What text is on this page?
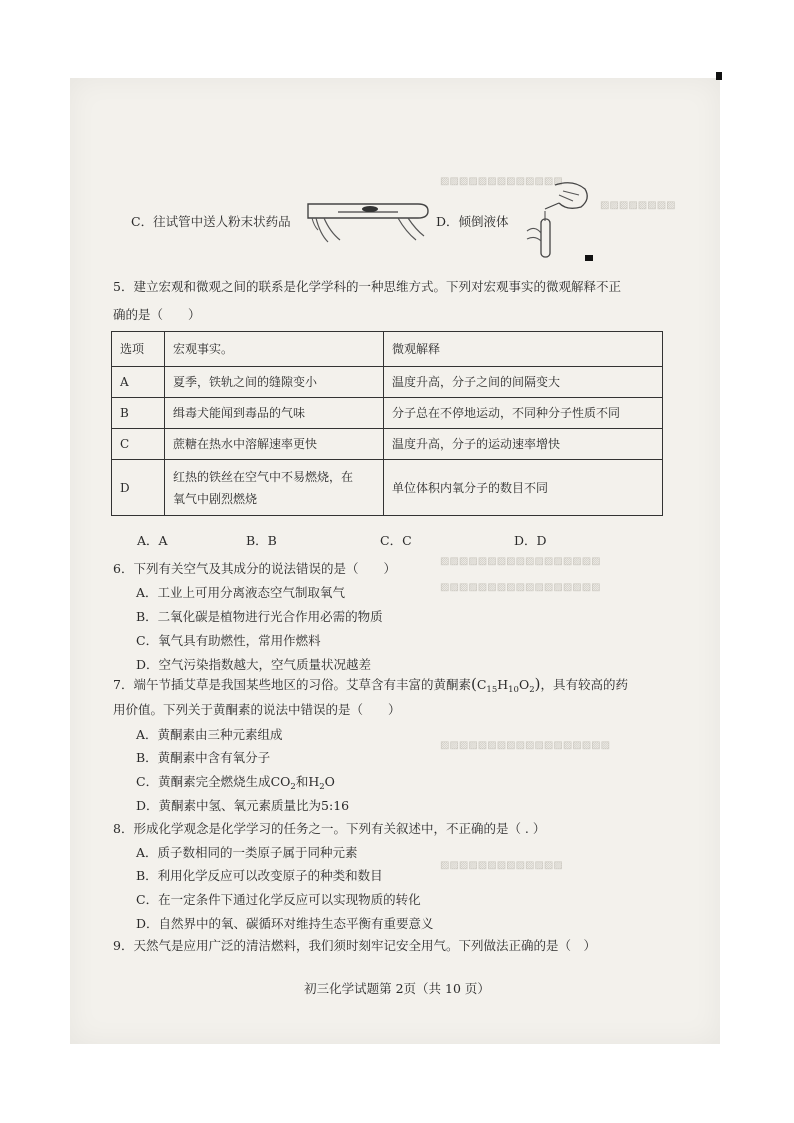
▨▨▨▨▨▨▨▨▨▨▨▨▨
▨▨▨▨▨▨▨▨
▨▨▨▨▨▨▨▨▨▨▨▨▨▨▨▨▨
▨▨▨▨▨▨▨▨▨▨▨▨▨▨▨▨▨
▨▨▨▨▨▨▨▨▨▨▨▨▨▨▨▨▨▨
▨▨▨▨▨▨▨▨▨▨▨▨▨
C．往试管中送人粉末状药品	D．倾倒液体
5．建立宏观和微观之间的联系是化学学科的一种思维方式。下列对宏观事实的微观解释不正
确的是（　　）
选项	宏观事实。	微观解释
A	夏季，铁轨之间的缝隙变小	温度升高，分子之间的间隔变大
B	缉毒犬能闻到毒品的气味	分子总在不停地运动，不同种分子性质不同
C	蔗糖在热水中溶解速率更快	温度升高，分子的运动速率增快
D	红热的铁丝在空气中不易燃烧，在
氧气中剧烈燃烧	单位体积内氧分子的数目不同
A．A	B．B	C．C	D．D
6．下列有关空气及其成分的说法错误的是（　　）
A．工业上可用分离液态空气制取氧气
B．二氧化碳是植物进行光合作用必需的物质
C．氧气具有助燃性，常用作燃料
D．空气污染指数越大，空气质量状况越差
7．端午节插艾草是我国某些地区的习俗。艾草含有丰富的黄酮素$(C_{15}H_{10}O_2)$，具有较高的药
用价值。下列关于黄酮素的说法中错误的是（　　）
A．黄酮素由三种元素组成
B．黄酮素中含有氧分子
C．黄酮素完全燃烧生成$CO_2$和$H_2O$
D．黄酮素中氢、氧元素质量比为5:16
8．形成化学观念是化学学习的任务之一。下列有关叙述中，不正确的是（ . ）
A．质子数相同的一类原子属于同种元素
B．利用化学反应可以改变原子的种类和数目
C．在一定条件下通过化学反应可以实现物质的转化
D．自然界中的氧、碳循环对维持生态平衡有重要意义
9．天然气是应用广泛的清洁燃料，我们须时刻牢记安全用气。下列做法正确的是（　）
初三化学试题第 2页（共 10 页）
